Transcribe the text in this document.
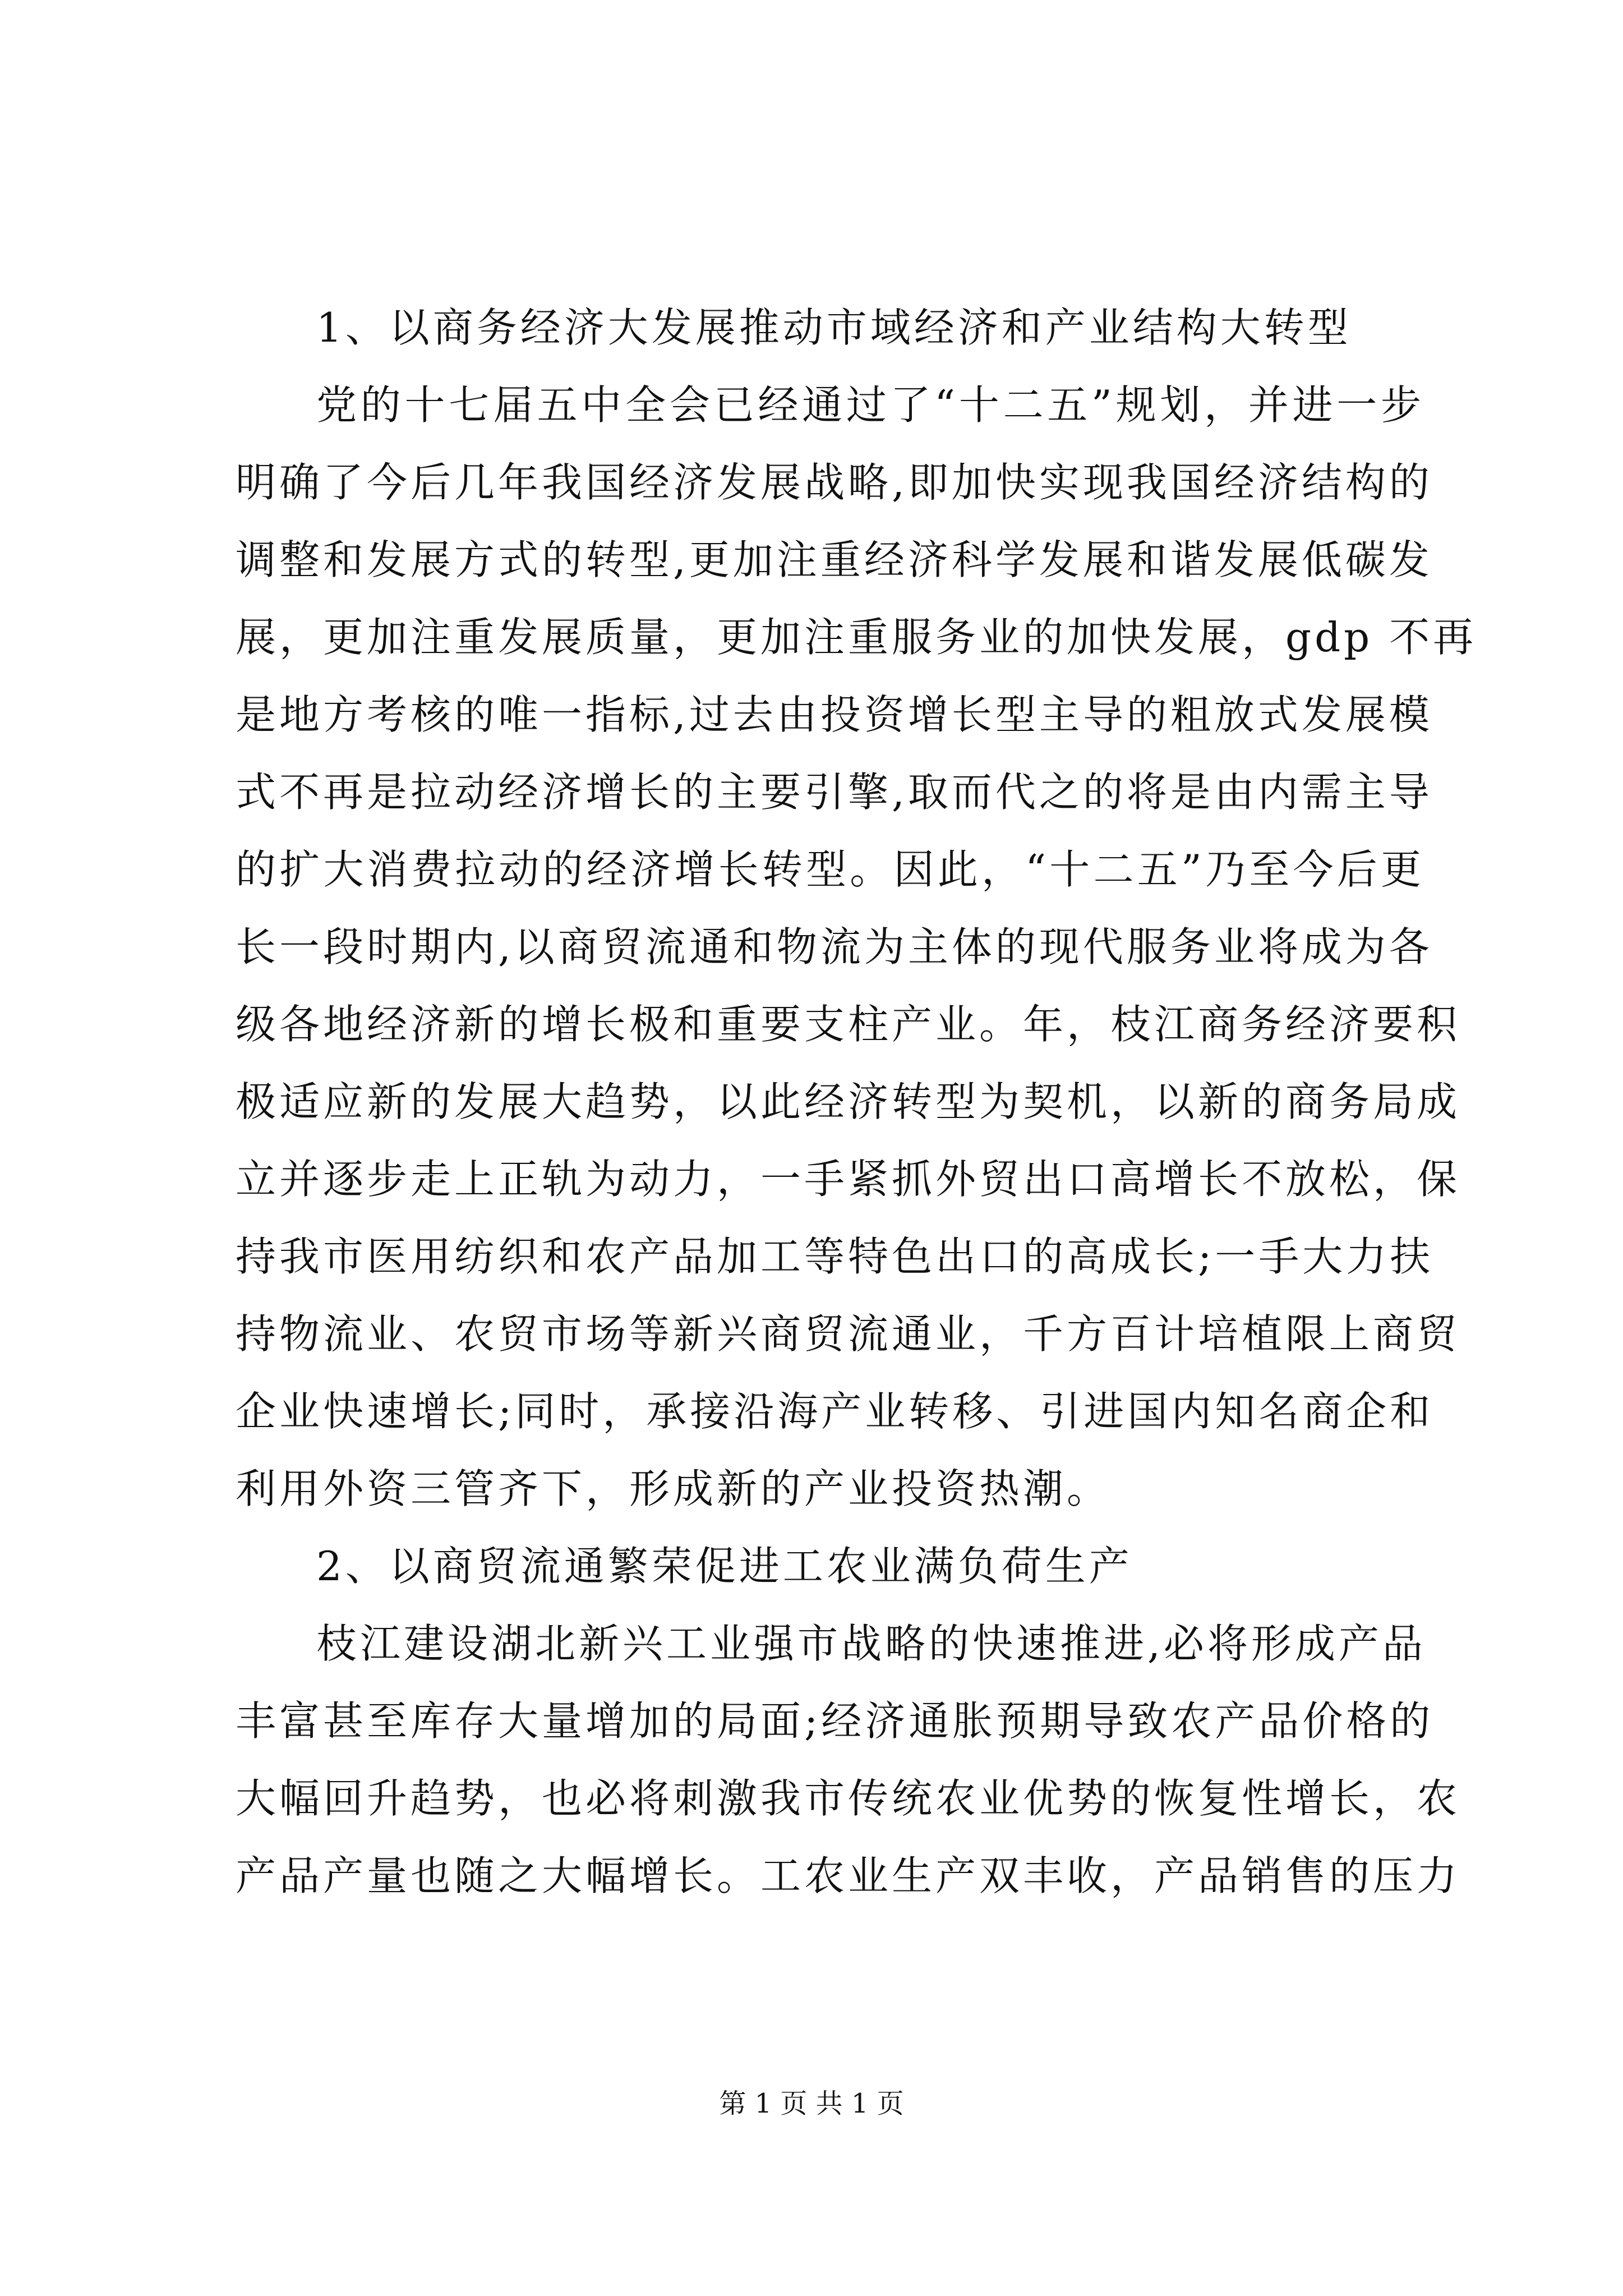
1、以商务经济大发展推动市域经济和产业结构大转型

党的十七届五中全会已经通过了“十二五”规划，并进一步

明确了今后几年我国经济发展战略,即加快实现我国经济结构的

调整和发展方式的转型,更加注重经济科学发展和谐发展低碳发

展，更加注重发展质量，更加注重服务业的加快发展，gdp 不再

是地方考核的唯一指标,过去由投资增长型主导的粗放式发展模

式不再是拉动经济增长的主要引擎,取而代之的将是由内需主导

的扩大消费拉动的经济增长转型。因此，“十二五”乃至今后更

长一段时期内,以商贸流通和物流为主体的现代服务业将成为各

级各地经济新的增长极和重要支柱产业。年，枝江商务经济要积

极适应新的发展大趋势，以此经济转型为契机，以新的商务局成

立并逐步走上正轨为动力，一手紧抓外贸出口高增长不放松，保

持我市医用纺织和农产品加工等特色出口的高成长;一手大力扶

持物流业、农贸市场等新兴商贸流通业，千方百计培植限上商贸

企业快速增长;同时，承接沿海产业转移、引进国内知名商企和

利用外资三管齐下，形成新的产业投资热潮。

2、以商贸流通繁荣促进工农业满负荷生产

枝江建设湖北新兴工业强市战略的快速推进,必将形成产品

丰富甚至库存大量增加的局面;经济通胀预期导致农产品价格的

大幅回升趋势，也必将刺激我市传统农业优势的恢复性增长，农

产品产量也随之大幅增长。工农业生产双丰收，产品销售的压力

第 1 页 共 1 页
